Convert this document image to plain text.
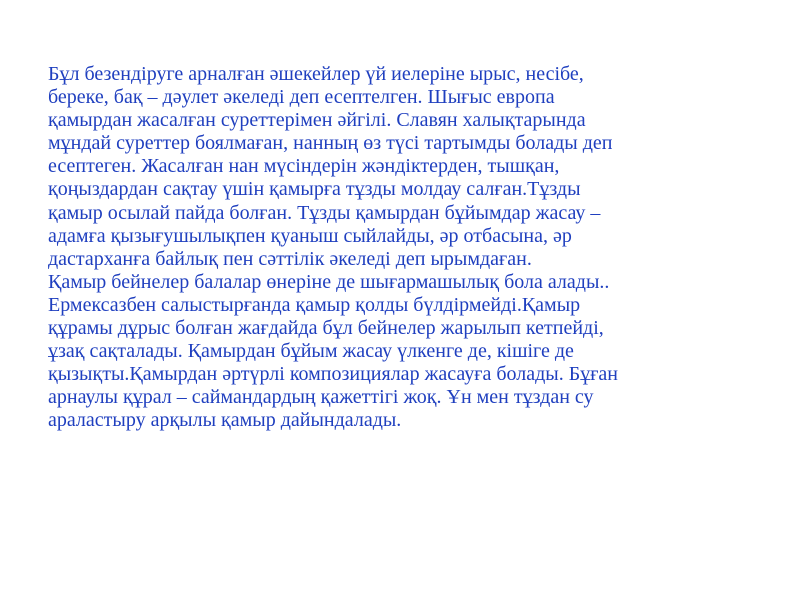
Бұл безендіруге арналған әшекейлер үй иелеріне ырыс, несібе,
береке, бақ – дәулет әкеледі деп есептелген. Шығыс европа
қамырдан жасалған суреттерімен әйгілі. Славян халықтарында
мұндай суреттер боялмаған, нанның өз түсі тартымды болады деп
есептеген. Жасалған нан мүсіндерін жәндіктерден, тышқан,
қоңыздардан сақтау үшін қамырға тұзды молдау салған.Тұзды
қамыр осылай пайда болған. Тұзды қамырдан бұйымдар жасау –
адамға қызығушылықпен қуаныш сыйлайды, әр отбасына, әр
дастарханға байлық пен сәттілік әкеледі деп ырымдаған.
Қамыр бейнелер балалар өнеріне де шығармашылық бола алады..
Ермексазбен салыстырғанда қамыр қолды бүлдірмейді.Қамыр
құрамы дұрыс болған жағдайда бұл бейнелер жарылып кетпейді,
ұзақ сақталады. Қамырдан бұйым жасау үлкенге де, кішіге де
қызықты.Қамырдан әртүрлі композициялар жасауға болады. Бұған
арнаулы құрал – саймандардың қажеттігі жоқ. Ұн мен тұздан су
араластыру арқылы қамыр дайындалады.
